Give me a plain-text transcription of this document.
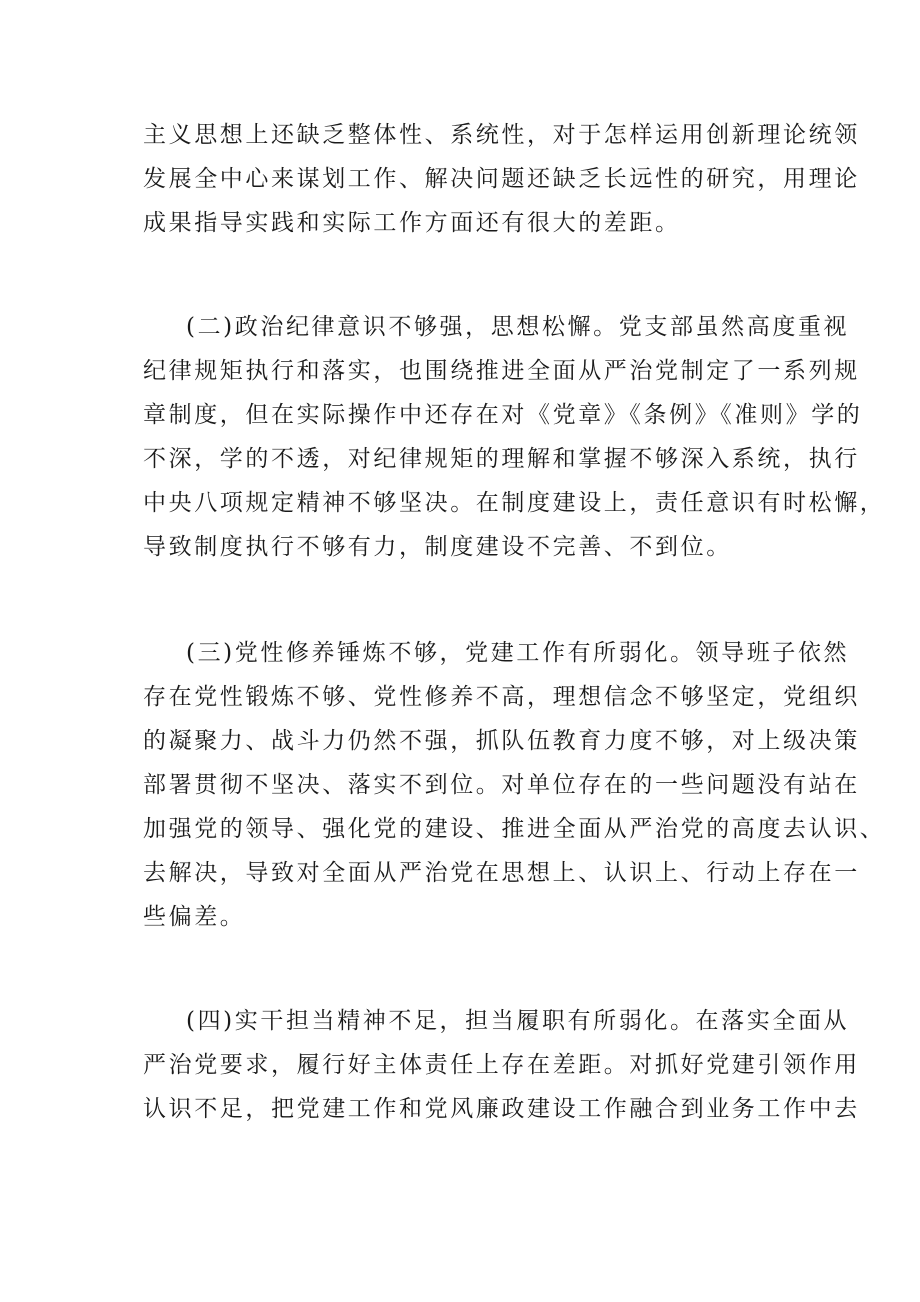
主义思想上还缺乏整体性、系统性，对于怎样运用创新理论统领
发展全中心来谋划工作、解决问题还缺乏长远性的研究，用理论
成果指导实践和实际工作方面还有很大的差距。
(二)政治纪律意识不够强，思想松懈。党支部虽然高度重视
纪律规矩执行和落实，也围绕推进全面从严治党制定了一系列规
章制度，但在实际操作中还存在对《党章》《条例》《准则》学的
不深，学的不透，对纪律规矩的理解和掌握不够深入系统，执行
中央八项规定精神不够坚决。在制度建设上，责任意识有时松懈，
导致制度执行不够有力，制度建设不完善、不到位。
(三)党性修养锤炼不够，党建工作有所弱化。领导班子依然
存在党性锻炼不够、党性修养不高，理想信念不够坚定，党组织
的凝聚力、战斗力仍然不强，抓队伍教育力度不够，对上级决策
部署贯彻不坚决、落实不到位。对单位存在的一些问题没有站在
加强党的领导、强化党的建设、推进全面从严治党的高度去认识、
去解决，导致对全面从严治党在思想上、认识上、行动上存在一
些偏差。
(四)实干担当精神不足，担当履职有所弱化。在落实全面从
严治党要求，履行好主体责任上存在差距。对抓好党建引领作用
认识不足，把党建工作和党风廉政建设工作融合到业务工作中去
